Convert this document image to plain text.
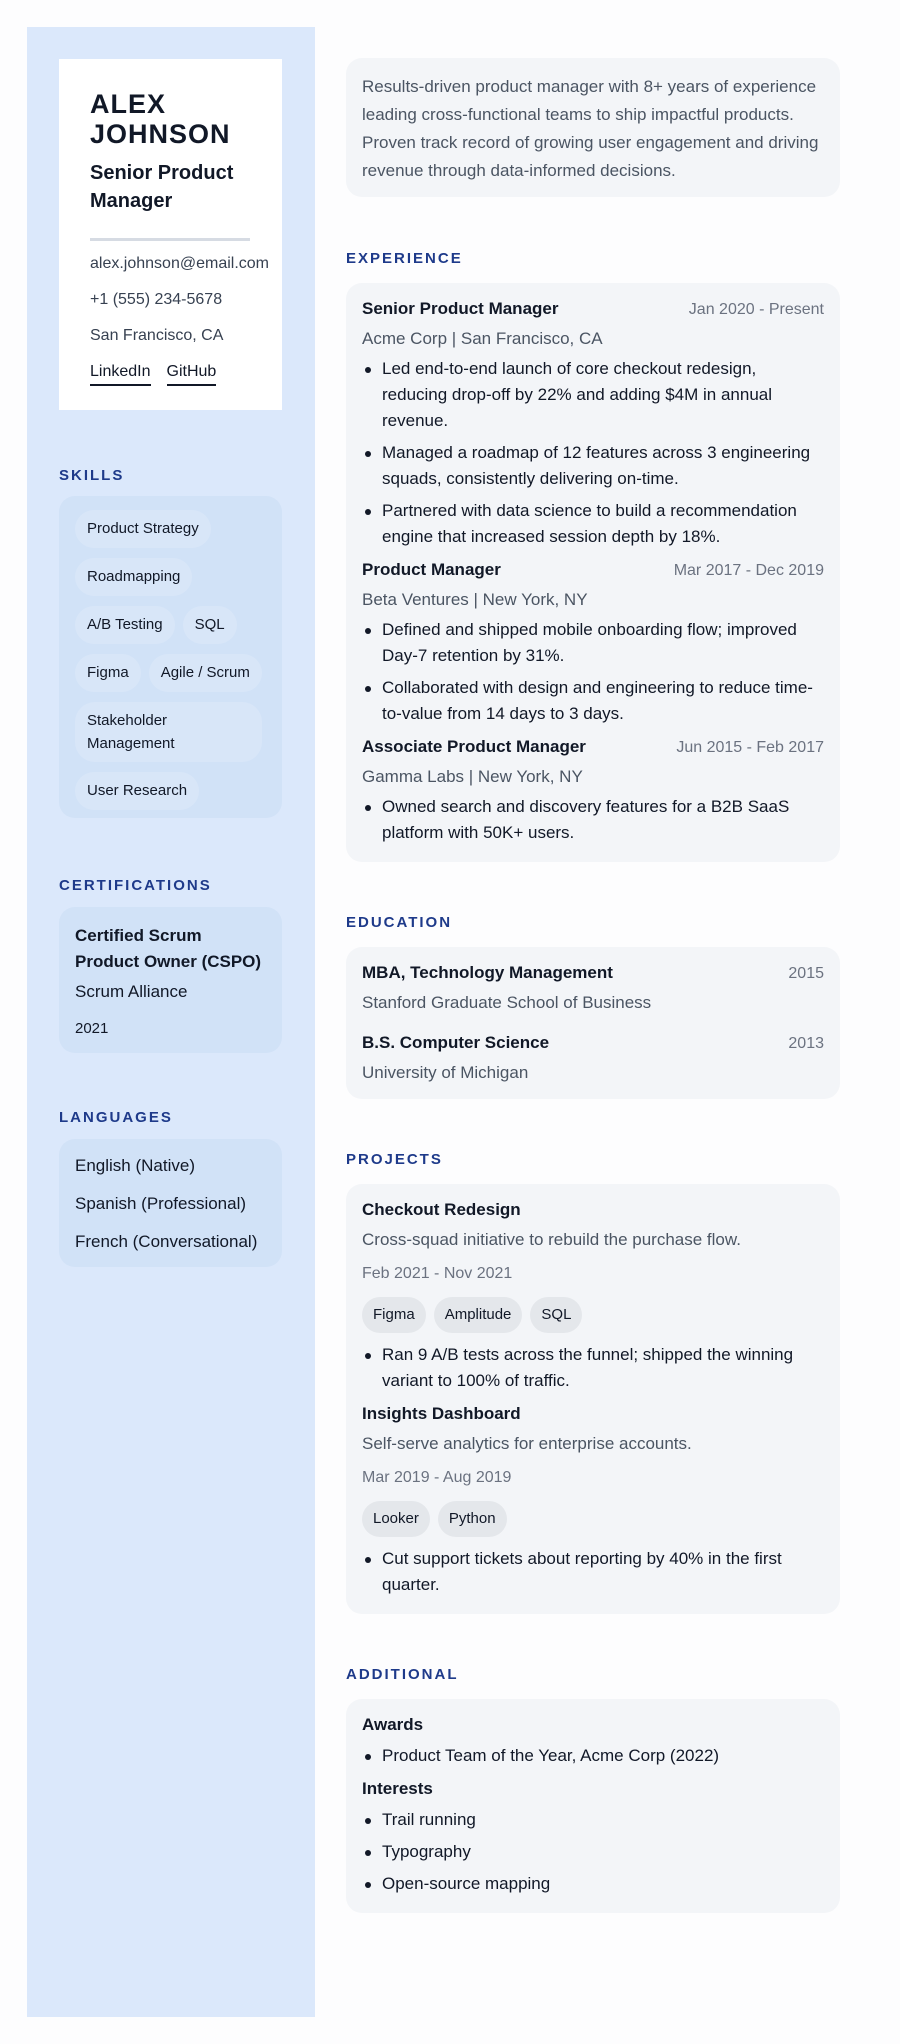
ALEX JOHNSON
Senior Product Manager
alex.johnson@email.com
+1 (555) 234-5678
San Francisco, CA
LinkedIn GitHub
SKILLS
Product Strategy
Roadmapping
A/B Testing	SQL
Figma	Agile / Scrum
Stakeholder Management
User Research
CERTIFICATIONS
Certified Scrum Product Owner (CSPO)
Scrum Alliance
2021
LANGUAGES
English (Native)
Spanish (Professional)
French (Conversational)
Results-driven product manager with 8+ years of experience leading cross-functional teams to ship impactful products. Proven track record of growing user engagement and driving revenue through data-informed decisions.
EXPERIENCE
Senior Product Manager	Jan 2020 - Present
Acme Corp | San Francisco, CA
Led end-to-end launch of core checkout redesign, reducing drop-off by 22% and adding $4M in annual revenue.
Managed a roadmap of 12 features across 3 engineering squads, consistently delivering on-time.
Partnered with data science to build a recommendation engine that increased session depth by 18%.
Product Manager	Mar 2017 - Dec 2019
Beta Ventures | New York, NY
Defined and shipped mobile onboarding flow; improved Day-7 retention by 31%.
Collaborated with design and engineering to reduce time-to-value from 14 days to 3 days.
Associate Product Manager	Jun 2015 - Feb 2017
Gamma Labs | New York, NY
Owned search and discovery features for a B2B SaaS platform with 50K+ users.
EDUCATION
MBA, Technology Management	2015
Stanford Graduate School of Business
B.S. Computer Science	2013
University of Michigan
PROJECTS
Checkout Redesign
Cross-squad initiative to rebuild the purchase flow.
Feb 2021 - Nov 2021
Figma	Amplitude	SQL
Ran 9 A/B tests across the funnel; shipped the winning variant to 100% of traffic.
Insights Dashboard
Self-serve analytics for enterprise accounts.
Mar 2019 - Aug 2019
Looker	Python
Cut support tickets about reporting by 40% in the first quarter.
ADDITIONAL
Awards
Product Team of the Year, Acme Corp (2022)
Interests
Trail running
Typography
Open-source mapping
